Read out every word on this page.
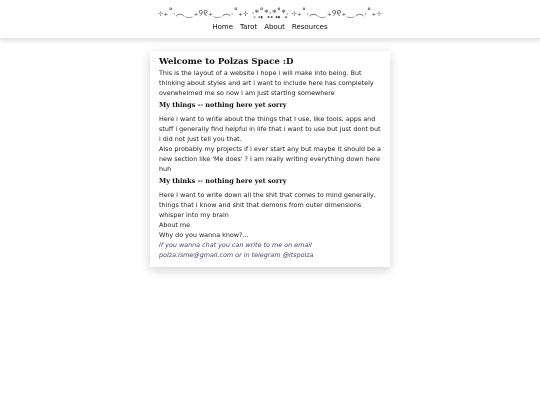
⊹₊˚‧︵‿₊୨୧₊‿︵‧˚₊⊹ ·͙*̩̩͙˚̩̥̩̥*̩̩̥͙·̩̩̥͙*̩̩̥͙˚̩̥̩̥*̩̩͙‧͙ ⊹₊˚‧︵‿₊୨୧₊‿︵‧˚₊⊹
Home Tarot About Resources
Welcome to Polzas Space :D

This is the layout of a website i hope i will make into being. But thinking about styles and art i want to include here has completely overwhelmed me so now i am just starting somewhere

My things -- nothing here yet sorry

Here i want to write about the things that I use, like tools, apps and stuff i generally find helpful in life that i want to use but just dont but i did not just tell you that.

Also probably my projects if i ever start any but maybe it should be a new section like 'Me does' ? I am really writing everything down here huh

My thinks -- nothing here yet sorry

Here I want to write down all the shit that comes to mind generally, things that i know and shit that demons from outer dimensions whisper into my brain

About me

Why do you wanna know?...

If you wanna chat you can write to me on email polza.isme@gmail.com or in telegram @itspolza
